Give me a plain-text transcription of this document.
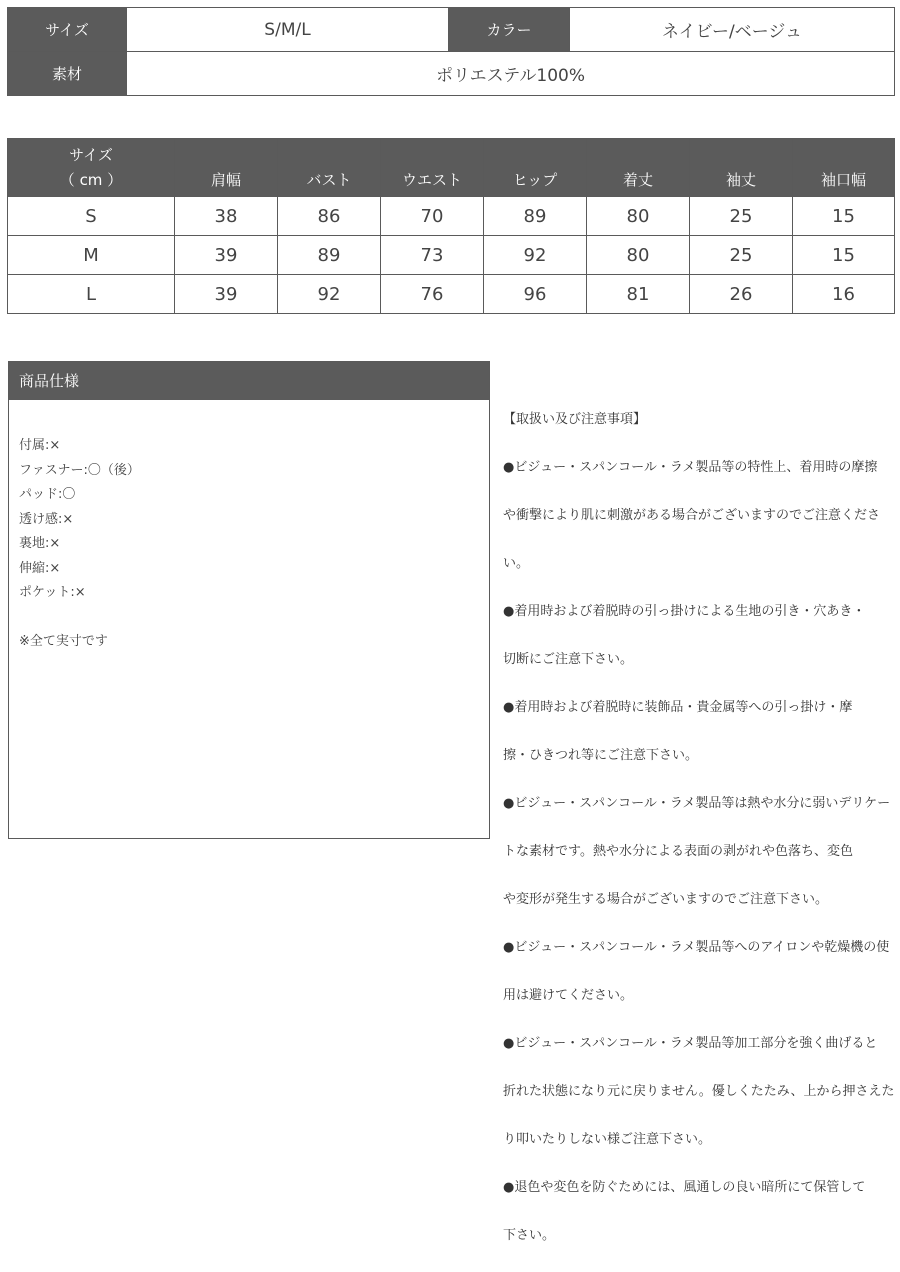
サイズ	S/M/L	カラー	ネイビー/ベージュ
素材	ポリエステル100%		
サイズ
（ cm ）	肩幅	バスト	ウエスト	ヒップ	着丈	袖丈	袖口幅
S	38	86	70	89	80	25	15
M	39	89	73	92	80	25	15
L	39	92	76	96	81	26	16
商品仕様
付属:×
ファスナー:〇（後）
パッド:〇
透け感:×
裏地:×
伸縮:×
ポケット:×
※全て実寸です

【取扱い及び注意事項】

●ビジュー・スパンコール・ラメ製品等の特性上、着用時の摩擦

や衝撃により肌に刺激がある場合がございますのでご注意くださ

い。

●着用時および着脱時の引っ掛けによる生地の引き・穴あき・

切断にご注意下さい。

●着用時および着脱時に装飾品・貴金属等への引っ掛け・摩

擦・ひきつれ等にご注意下さい。

●ビジュー・スパンコール・ラメ製品等は熱や水分に弱いデリケー

トな素材です。熱や水分による表面の剥がれや色落ち、変色

や変形が発生する場合がございますのでご注意下さい。

●ビジュー・スパンコール・ラメ製品等へのアイロンや乾燥機の使

用は避けてください。

●ビジュー・スパンコール・ラメ製品等加工部分を強く曲げると

折れた状態になり元に戻りません。優しくたたみ、上から押さえた

り叩いたりしない様ご注意下さい。

●退色や変色を防ぐためには、風通しの良い暗所にて保管して

下さい。
